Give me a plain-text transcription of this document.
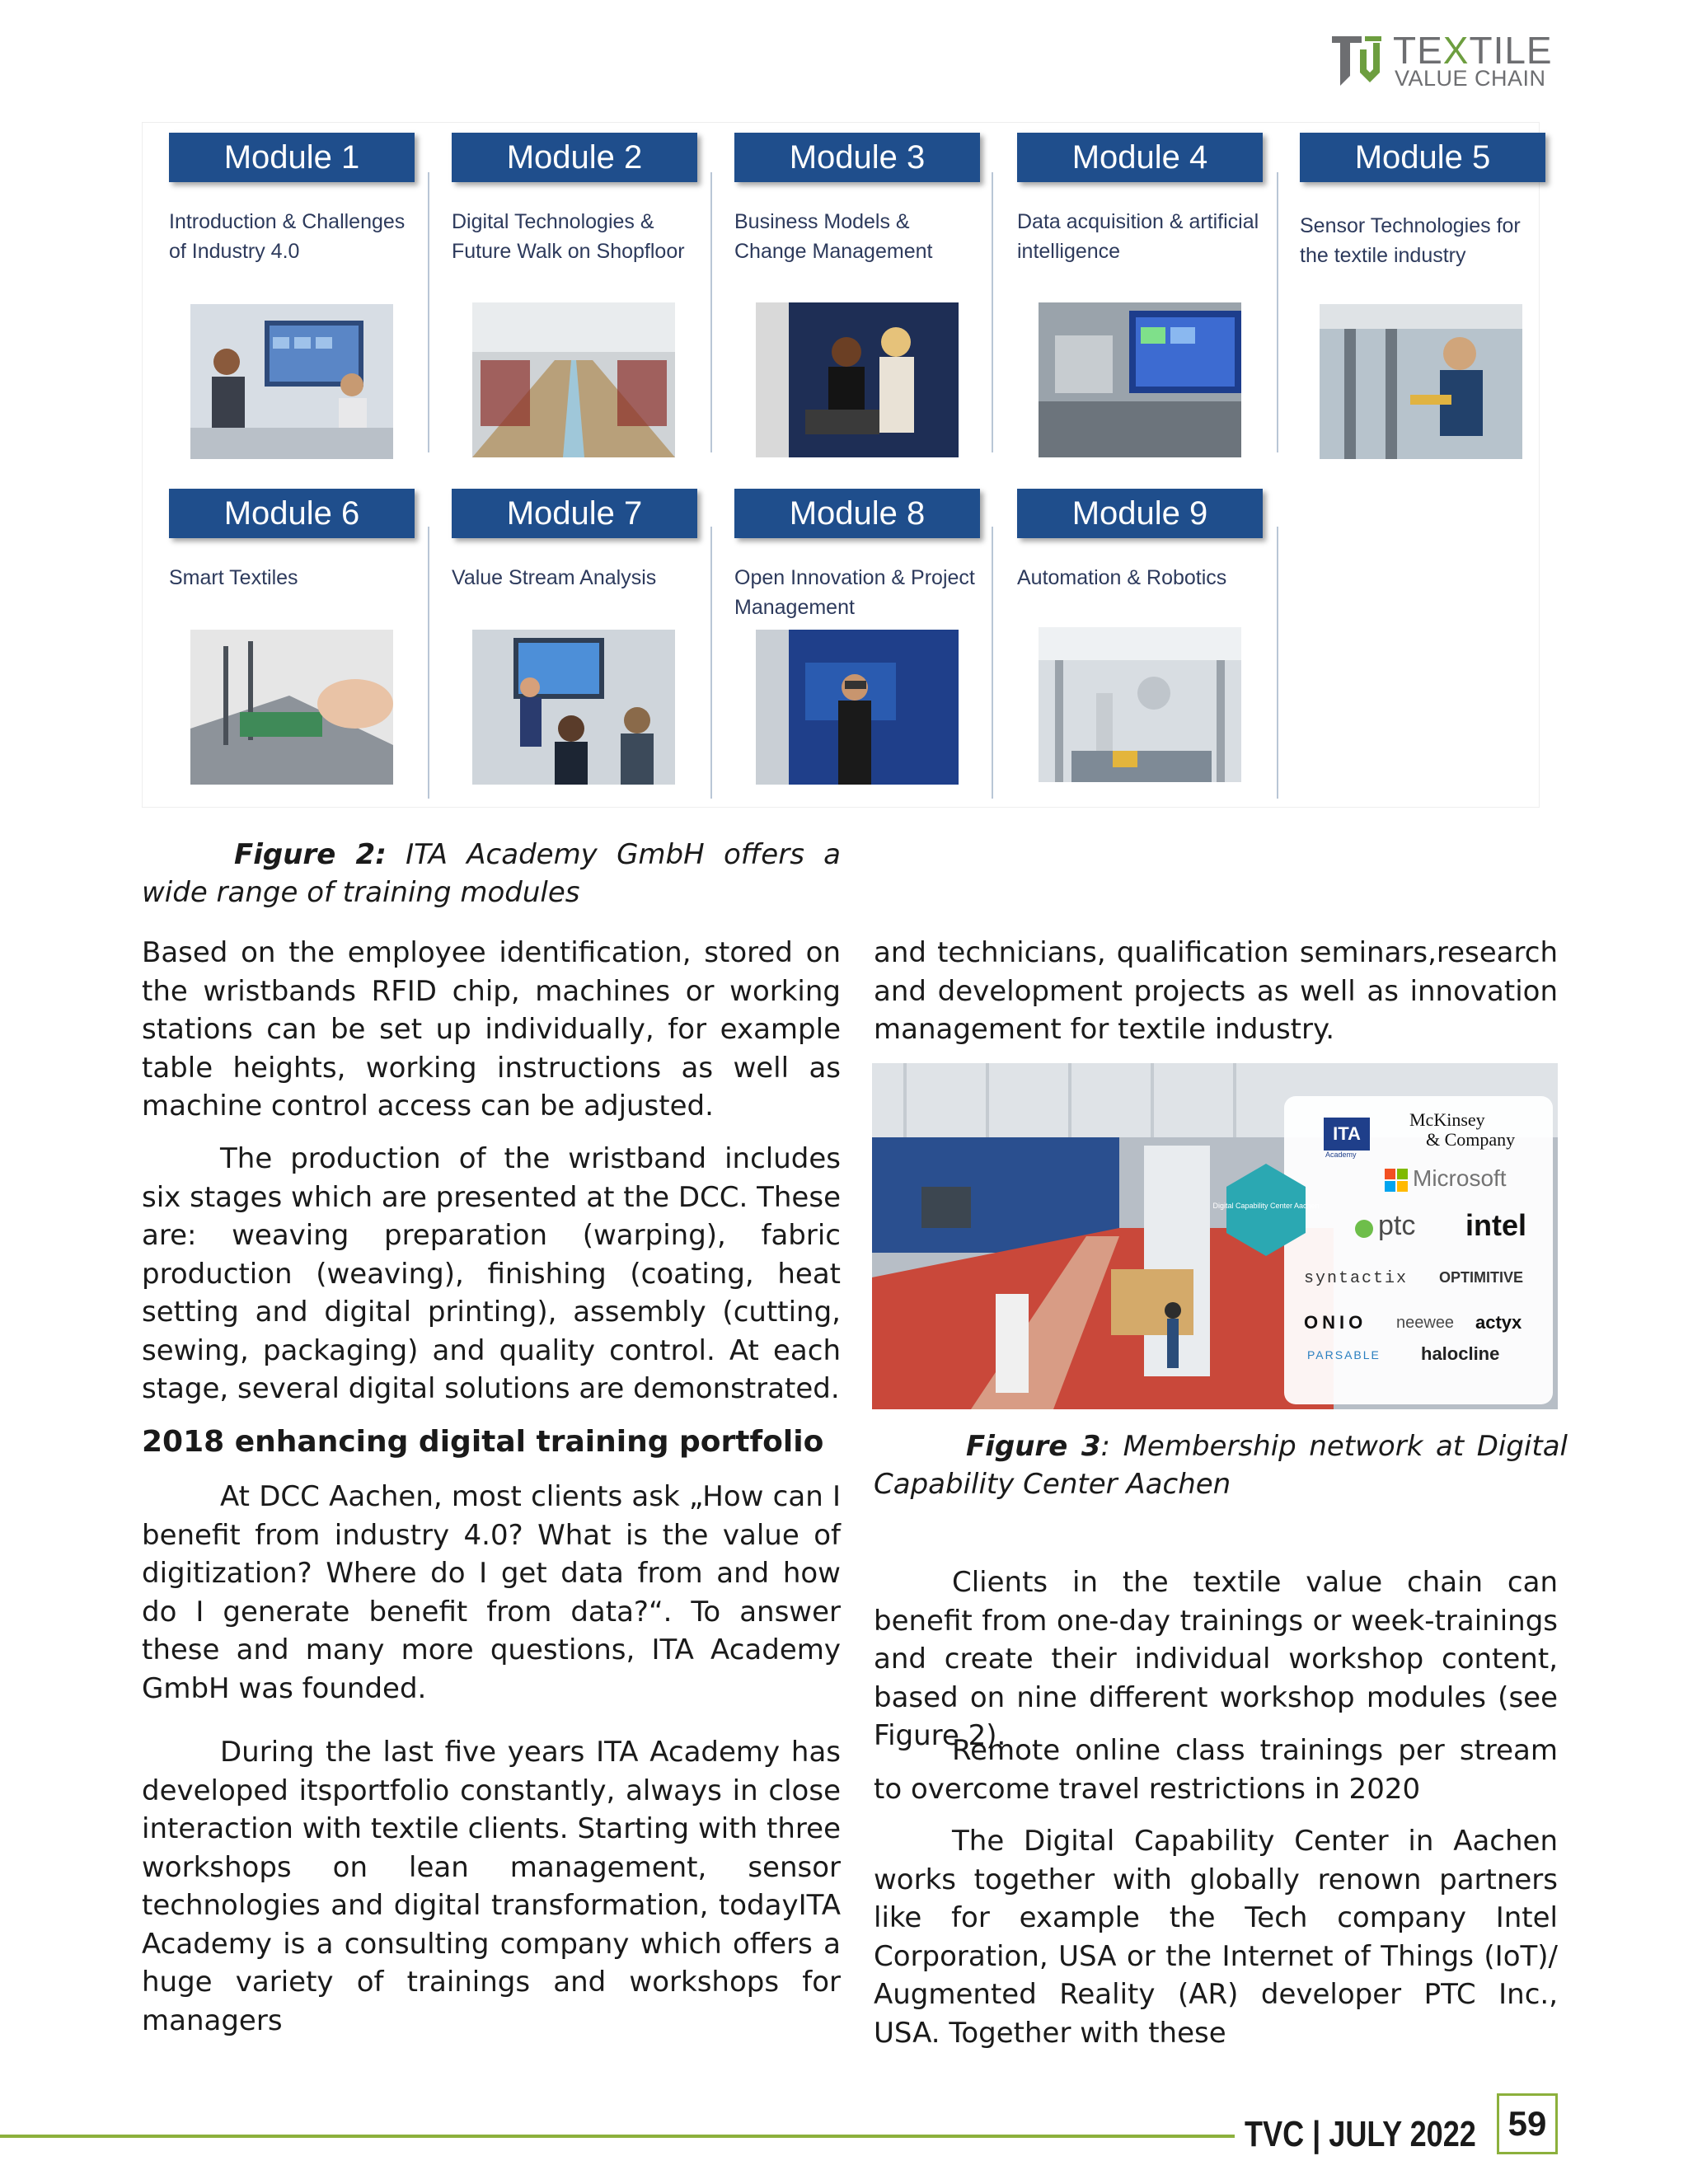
TEXTILE
VALUE CHAIN
Module 1
Introduction & Challenges of Industry 4.0
Module 2
Digital Technologies & Future Walk on Shopfloor
Module 3
Business Models & Change Management
Module 4
Data acquisition & artificial intelligence
Module 5
Sensor Technologies for the textile industry
Module 6
Smart Textiles
Module 7
Value Stream Analysis
Module 8
Open Innovation & Project Management
Module 9
Automation & Robotics
Figure 2: ITA Academy GmbH offers a wide range of training modules

Based on the employee identification, stored on the wristbands RFID chip, machines or working stations can be set up individually, for example table heights, working instructions as well as machine control access can be adjusted.

The production of the wristband includes six stages which are presented at the DCC. These are: weaving preparation (warping), fabric production (weaving), finishing (coating, heat setting and digital printing), assembly (cutting, sewing, packaging) and quality control. At each stage, several digital solutions are demonstrated.

2018 enhancing digital training portfolio

At DCC Aachen, most clients ask „How can I benefit from industry 4.0? What is the value of digitization? Where do I get data from and how do I generate benefit from data?“. To answer these and many more questions, ITA Academy GmbH was founded.

During the last five years ITA Academy has developed itsportfolio constantly, always in close interaction with textile clients. Starting with three workshops on lean management, sensor technologies and digital transformation, todayITA Academy is a consulting company which offers a huge variety of trainings and workshops for managers

and technicians, qualification seminars,research and development projects as well as innovation management for textile industry.

Digital Capability Center Aachen
ITA
Academy
McKinsey
& Company
Microsoft
ptc intel
syntactix OPTIMITIVE
ONIO neewee actyx
PARSABLE halocline
Figure 3: Membership network at Digital Capability Center Aachen

Clients in the textile value chain can benefit from one-day trainings or week-trainings and create their individual workshop content, based on nine different workshop modules (see Figure 2).

Remote online class trainings per stream to overcome travel restrictions in 2020

The Digital Capability Center in Aachen works together with globally renown partners like for example the Tech company Intel Corporation, USA or the Internet of Things (IoT)/ Augmented Reality (AR) developer PTC Inc., USA. Together with these

TVC | JULY 2022 59
